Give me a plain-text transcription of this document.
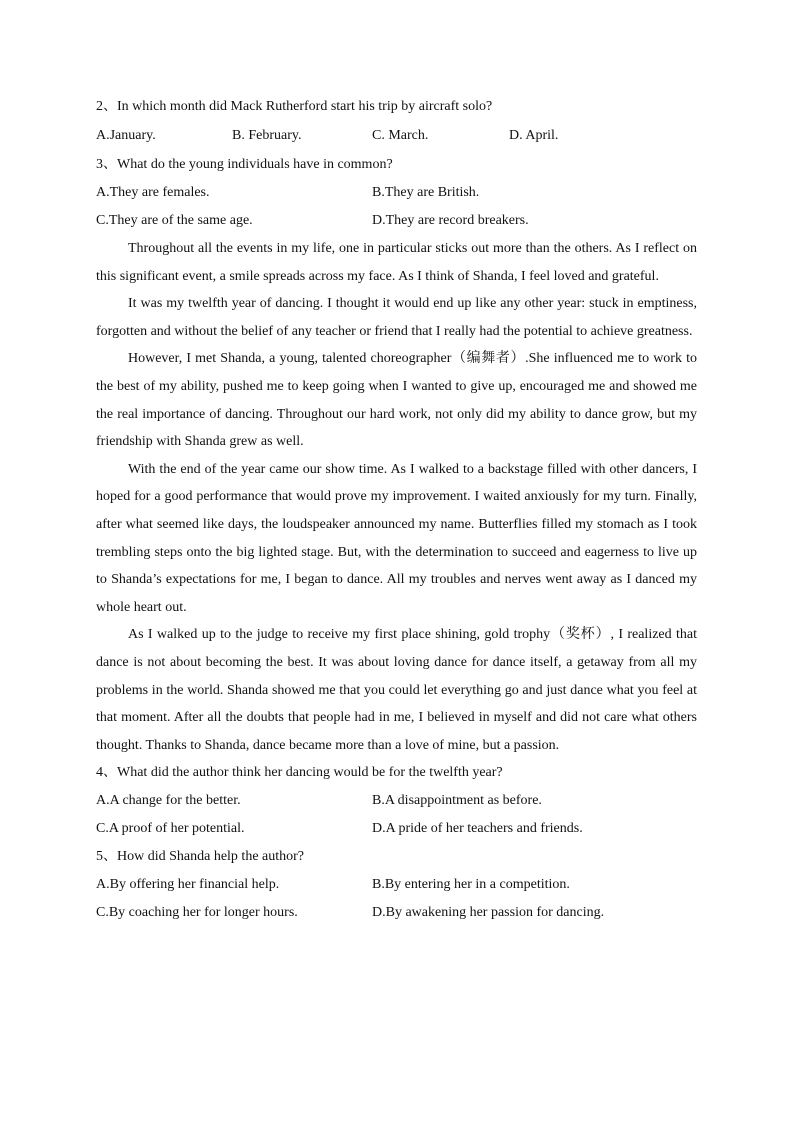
2、In which month did Mack Rutherford start his trip by aircraft solo?
A.January.	B. February.	C. March.	D. April.
3、What do the young individuals have in common?
A.They are females.	B.They are British.
C.They are of the same age.	D.They are record breakers.

Throughout all the events in my life, one in particular sticks out more than the others. As I reflect on this significant event, a smile spreads across my face. As I think of Shanda, I feel loved and grateful.

It was my twelfth year of dancing. I thought it would end up like any other year: stuck in emptiness, forgotten and without the belief of any teacher or friend that I really had the potential to achieve greatness.

However, I met Shanda, a young, talented choreographer（编舞者）.She influenced me to work to the best of my ability, pushed me to keep going when I wanted to give up, encouraged me and showed me the real importance of dancing. Throughout our hard work, not only did my ability to dance grow, but my friendship with Shanda grew as well.

With the end of the year came our show time. As I walked to a backstage filled with other dancers, I hoped for a good performance that would prove my improvement. I waited anxiously for my turn. Finally, after what seemed like days, the loudspeaker announced my name. Butterflies filled my stomach as I took trembling steps onto the big lighted stage. But, with the determination to succeed and eagerness to live up to Shanda’s expectations for me, I began to dance. All my troubles and nerves went away as I danced my whole heart out.

As I walked up to the judge to receive my first place shining, gold trophy（奖杯）, I realized that dance is not about becoming the best. It was about loving dance for dance itself, a getaway from all my problems in the world. Shanda showed me that you could let everything go and just dance what you feel at that moment. After all the doubts that people had in me, I believed in myself and did not care what others thought. Thanks to Shanda, dance became more than a love of mine, but a passion.

4、What did the author think her dancing would be for the twelfth year?
A.A change for the better.	B.A disappointment as before.
C.A proof of her potential.	D.A pride of her teachers and friends.
5、How did Shanda help the author?
A.By offering her financial help.	B.By entering her in a competition.
C.By coaching her for longer hours.	D.By awakening her passion for dancing.
